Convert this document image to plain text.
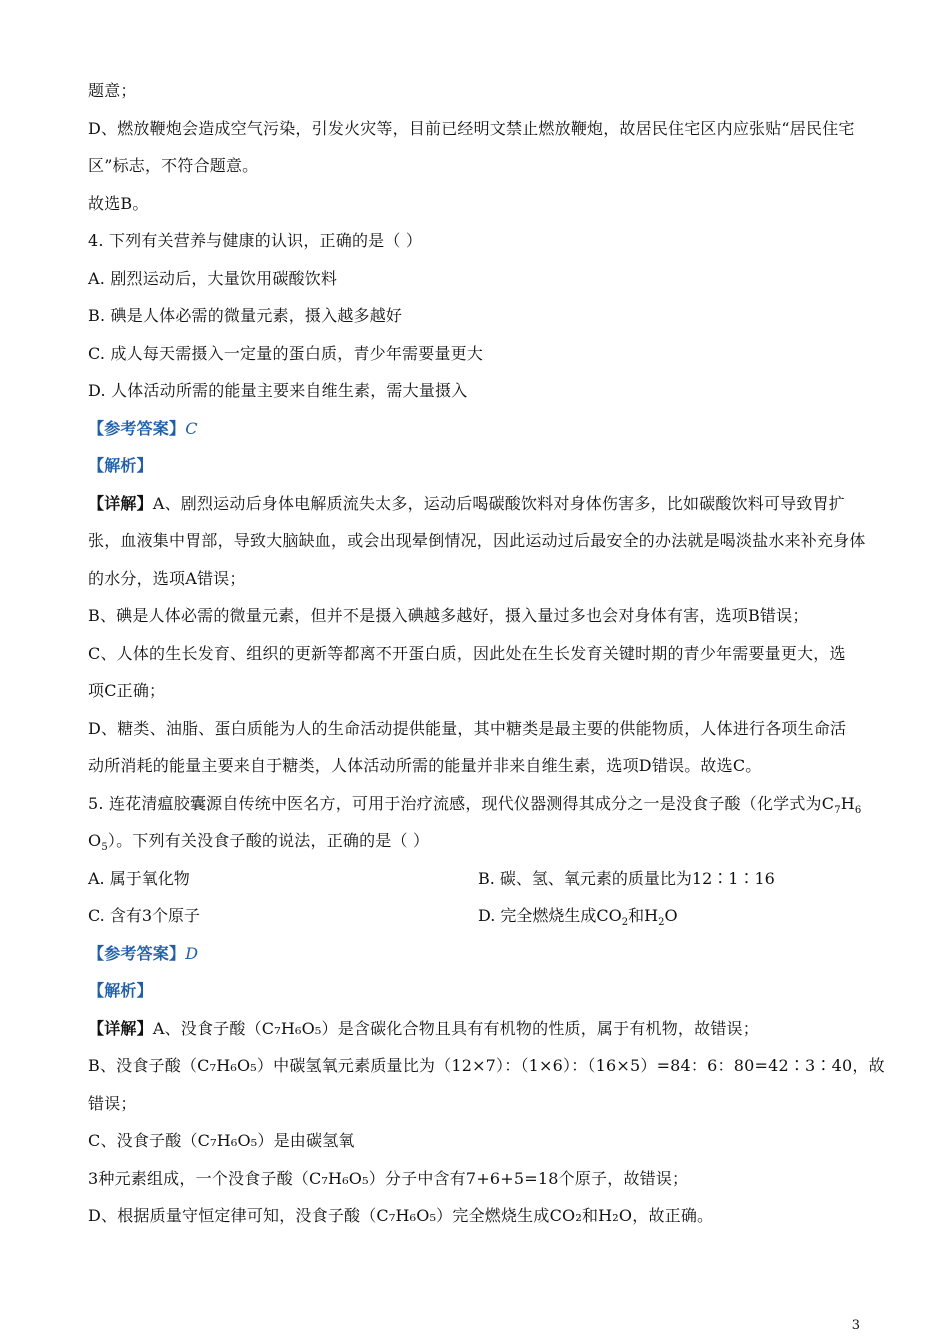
题意；
D、燃放鞭炮会造成空气污染，引发火灾等，目前已经明文禁止燃放鞭炮，故居民住宅区内应张贴“居民住宅
区”标志，不符合题意。
故选B。
4. 下列有关营养与健康的认识，正确的是（ ）
A. 剧烈运动后，大量饮用碳酸饮料
B. 碘是人体必需的微量元素，摄入越多越好
C. 成人每天需摄入一定量的蛋白质，青少年需要量更大
D. 人体活动所需的能量主要来自维生素，需大量摄入
【参考答案】C
【解析】
【详解】A、剧烈运动后身体电解质流失太多，运动后喝碳酸饮料对身体伤害多，比如碳酸饮料可导致胃扩
张，血液集中胃部，导致大脑缺血，或会出现晕倒情况，因此运动过后最安全的办法就是喝淡盐水来补充身体
的水分，选项A错误；
B、碘是人体必需的微量元素，但并不是摄入碘越多越好，摄入量过多也会对身体有害，选项B错误；
C、人体的生长发育、组织的更新等都离不开蛋白质，因此处在生长发育关键时期的青少年需要量更大，选
项C正确；
D、糖类、油脂、蛋白质能为人的生命活动提供能量，其中糖类是最主要的供能物质，人体进行各项生命活
动所消耗的能量主要来自于糖类，人体活动所需的能量并非来自维生素，选项D错误。故选C。
5. 连花清瘟胶囊源自传统中医名方，可用于治疗流感，现代仪器测得其成分之一是没食子酸（化学式为$C_7H_6$
$O_5$）。下列有关没食子酸的说法，正确的是（ ）
A. 属于氧化物	B. 碳、氢、氧元素的质量比为12∶1∶16
C. 含有3个原子	D. 完全燃烧生成$CO_2$和$H_2O$
【参考答案】D
【解析】
【详解】A、没食子酸（C₇H₆O₅）是含碳化合物且具有有机物的性质，属于有机物，故错误；
B、没食子酸（C₇H₆O₅）中碳氢氧元素质量比为（12×7）：（1×6）：（16×5）=84：6：80=42∶3∶40，故
错误；
C、没食子酸（C₇H₆O₅）是由碳氢氧
3种元素组成，一个没食子酸（C₇H₆O₅）分子中含有7+6+5=18个原子，故错误；
D、根据质量守恒定律可知，没食子酸（C₇H₆O₅）完全燃烧生成CO₂和H₂O，故正确。
3
